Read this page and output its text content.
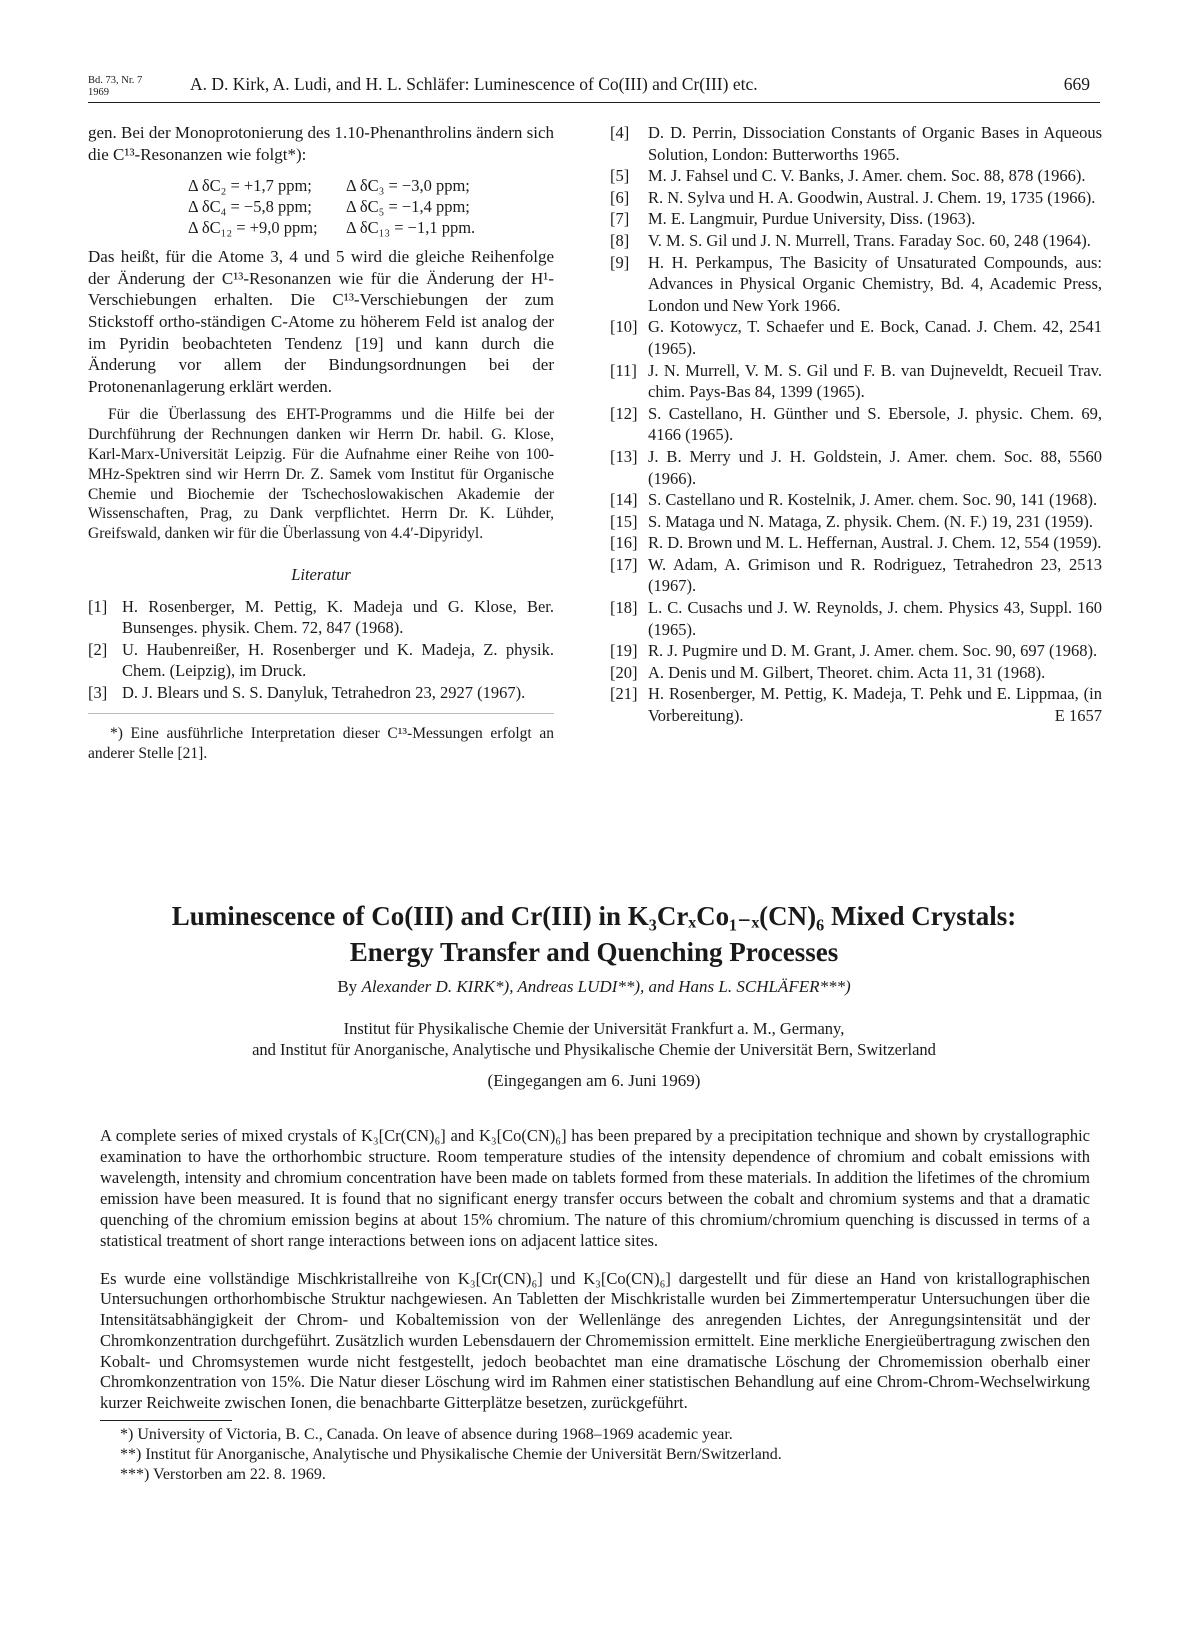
Bd. 73, Nr. 7
1969	A. D. Kirk, A. Ludi, and H. L. Schläfer: Luminescence of Co(III) and Cr(III) etc.	669

gen. Bei der Monoprotonierung des 1.10-Phenanthrolins ändern sich die C¹³-Resonanzen wie folgt*):

Δ δC₂ = +1,7 ppm;	Δ δC₃ = −3,0 ppm;
Δ δC₄ = −5,8 ppm;	Δ δC₅ = −1,4 ppm;
Δ δC₁₂ = +9,0 ppm;	Δ δC₁₃ = −1,1 ppm.

Das heißt, für die Atome 3, 4 und 5 wird die gleiche Reihenfolge der Änderung der C¹³-Resonanzen wie für die Änderung der H¹-Verschiebungen erhalten. Die C¹³-Verschiebungen der zum Stickstoff ortho-ständigen C-Atome zu höherem Feld ist analog der im Pyridin beobachteten Tendenz [19] und kann durch die Änderung vor allem der Bindungsordnungen bei der Protonenanlagerung erklärt werden.

Für die Überlassung des EHT-Programms und die Hilfe bei der Durchführung der Rechnungen danken wir Herrn Dr. habil. G. Klose, Karl-Marx-Universität Leipzig. Für die Aufnahme einer Reihe von 100-MHz-Spektren sind wir Herrn Dr. Z. Samek vom Institut für Organische Chemie und Biochemie der Tschechoslowakischen Akademie der Wissenschaften, Prag, zu Dank verpflichtet. Herrn Dr. K. Lühder, Greifswald, danken wir für die Überlassung von 4.4′-Dipyridyl.

Literatur

[1] H. Rosenberger, M. Pettig, K. Madeja und G. Klose, Ber. Bunsenges. physik. Chem. 72, 847 (1968).
[2] U. Haubenreißer, H. Rosenberger und K. Madeja, Z. physik. Chem. (Leipzig), im Druck.
[3] D. J. Blears und S. S. Danyluk, Tetrahedron 23, 2927 (1967).

*) Eine ausführliche Interpretation dieser C¹³-Messungen erfolgt an anderer Stelle [21].

[4]	D. D. Perrin, Dissociation Constants of Organic Bases in Aqueous Solution, London: Butterworths 1965.
[5]	M. J. Fahsel und C. V. Banks, J. Amer. chem. Soc. 88, 878 (1966).
[6]	R. N. Sylva und H. A. Goodwin, Austral. J. Chem. 19, 1735 (1966).
[7]	M. E. Langmuir, Purdue University, Diss. (1963).
[8]	V. M. S. Gil und J. N. Murrell, Trans. Faraday Soc. 60, 248 (1964).
[9]	H. H. Perkampus, The Basicity of Unsaturated Compounds, aus: Advances in Physical Organic Chemistry, Bd. 4, Academic Press, London und New York 1966.
[10] G. Kotowycz, T. Schaefer und E. Bock, Canad. J. Chem. 42, 2541 (1965).
[11] J. N. Murrell, V. M. S. Gil und F. B. van Dujneveldt, Recueil Trav. chim. Pays-Bas 84, 1399 (1965).
[12] S. Castellano, H. Günther und S. Ebersole, J. physic. Chem. 69, 4166 (1965).
[13] J. B. Merry und J. H. Goldstein, J. Amer. chem. Soc. 88, 5560 (1966).
[14] S. Castellano und R. Kostelnik, J. Amer. chem. Soc. 90, 141 (1968).
[15] S. Mataga und N. Mataga, Z. physik. Chem. (N. F.) 19, 231 (1959).
[16] R. D. Brown und M. L. Heffernan, Austral. J. Chem. 12, 554 (1959).
[17] W. Adam, A. Grimison und R. Rodriguez, Tetrahedron 23, 2513 (1967).
[18] L. C. Cusachs und J. W. Reynolds, J. chem. Physics 43, Suppl. 160 (1965).
[19] R. J. Pugmire und D. M. Grant, J. Amer. chem. Soc. 90, 697 (1968).
[20] A. Denis und M. Gilbert, Theoret. chim. Acta 11, 31 (1968).
[21] H. Rosenberger, M. Pettig, K. Madeja, T. Pehk und E. Lippmaa, (in Vorbereitung).	E 1657
Luminescence of Co(III) and Cr(III) in K₃CrₓCo₁₋ₓ(CN)₆ Mixed Crystals:
Energy Transfer and Quenching Processes
By Alexander D. KIRK*), Andreas LUDI**), and Hans L. SCHLÄFER***)
Institut für Physikalische Chemie der Universität Frankfurt a. M., Germany,
and Institut für Anorganische, Analytische und Physikalische Chemie der Universität Bern, Switzerland
(Eingegangen am 6. Juni 1969)

A complete series of mixed crystals of K₃[Cr(CN)₆] and K₃[Co(CN)₆] has been prepared by a precipitation technique and shown by crystallographic examination to have the orthorhombic structure. Room temperature studies of the intensity dependence of chromium and cobalt emissions with wavelength, intensity and chromium concentration have been made on tablets formed from these materials. In addition the lifetimes of the chromium emission have been measured. It is found that no significant energy transfer occurs between the cobalt and chromium systems and that a dramatic quenching of the chromium emission begins at about 15% chromium. The nature of this chromium/chromium quenching is discussed in terms of a statistical treatment of short range interactions between ions on adjacent lattice sites.

Es wurde eine vollständige Mischkristallreihe von K₃[Cr(CN)₆] und K₃[Co(CN)₆] dargestellt und für diese an Hand von kristallographischen Untersuchungen orthorhombische Struktur nachgewiesen. An Tabletten der Mischkristalle wurden bei Zimmertemperatur Untersuchungen über die Intensitätsabhängigkeit der Chrom- und Kobaltemission von der Wellenlänge des anregenden Lichtes, der Anregungsintensität und der Chromkonzentration durchgeführt. Zusätzlich wurden Lebensdauern der Chromemission ermittelt. Eine merkliche Energieübertragung zwischen den Kobalt- und Chromsystemen wurde nicht festgestellt, jedoch beobachtet man eine dramatische Löschung der Chromemission oberhalb einer Chromkonzentration von 15%. Die Natur dieser Löschung wird im Rahmen einer statistischen Behandlung auf eine Chrom-Chrom-Wechselwirkung kurzer Reichweite zwischen Ionen, die benachbarte Gitterplätze besetzen, zurückgeführt.

*) University of Victoria, B. C., Canada. On leave of absence during 1968–1969 academic year.

**) Institut für Anorganische, Analytische und Physikalische Chemie der Universität Bern/Switzerland.

***) Verstorben am 22. 8. 1969.
